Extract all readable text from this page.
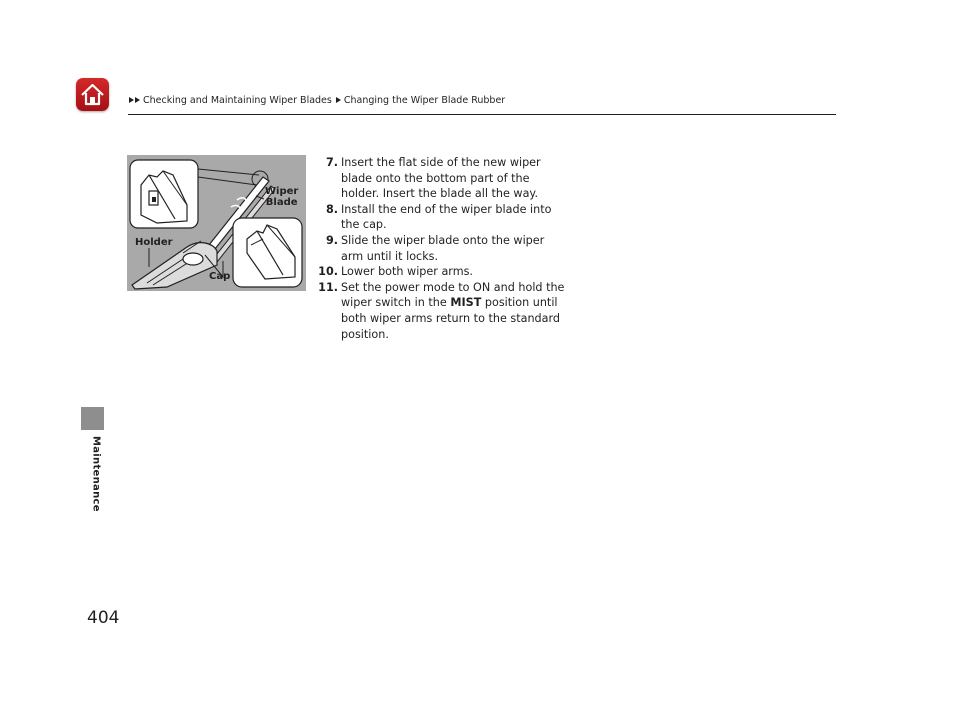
Checking and Maintaining Wiper Blades Changing the Wiper Blade Rubber
Maintenance
Wiper
Blade
Holder
Cap
7. Insert the flat side of the new wiper blade onto the bottom part of the holder. Insert the blade all the way.
8. Install the end of the wiper blade into the cap.
9. Slide the wiper blade onto the wiper arm until it locks.
10. Lower both wiper arms.
11. Set the power mode to ON and hold the wiper switch in the MIST position until both wiper arms return to the standard position.
404
